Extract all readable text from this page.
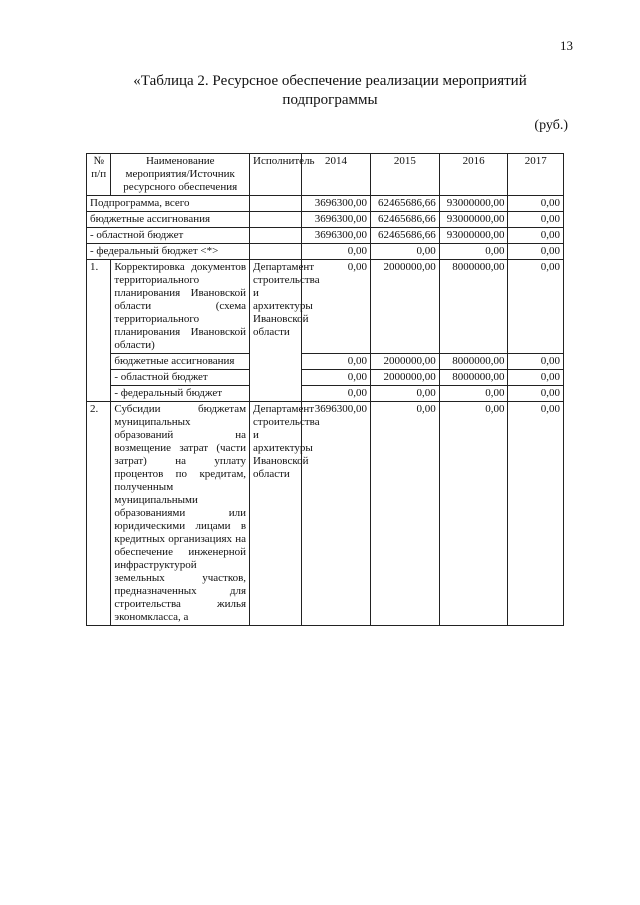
13
«Таблица 2. Ресурсное обеспечение реализации мероприятий подпрограммы
(руб.)
№ п/п	Наименование мероприятия/Источник ресурсного обеспечения	Исполнитель	2014	2015	2016	2017
Подпрограмма, всего			3696300,00	62465686,66	93000000,00	0,00
бюджетные ассигнования			3696300,00	62465686,66	93000000,00	0,00
- областной бюджет			3696300,00	62465686,66	93000000,00	0,00
- федеральный бюджет <*>			0,00	0,00	0,00	0,00
1.	Корректировка документов территориального планирования Ивановской области (схема территориального планирования Ивановской области)	Департамент строительства и архитектуры Ивановской области	0,00	2000000,00	8000000,00	0,00
	бюджетные ассигнования		0,00	2000000,00	8000000,00	0,00
	- областной бюджет		0,00	2000000,00	8000000,00	0,00
	- федеральный бюджет		0,00	0,00	0,00	0,00
2.	Субсидии бюджетам муниципальных образований на возмещение затрат (части затрат) на уплату процентов по кредитам, полученным муниципальными образованиями или юридическими лицами в кредитных организациях на обеспечение инженерной инфраструктурой земельных участков, предназначенных для строительства жилья экономкласса, а	Департамент строительства и архитектуры Ивановской области	3696300,00	0,00	0,00	0,00
